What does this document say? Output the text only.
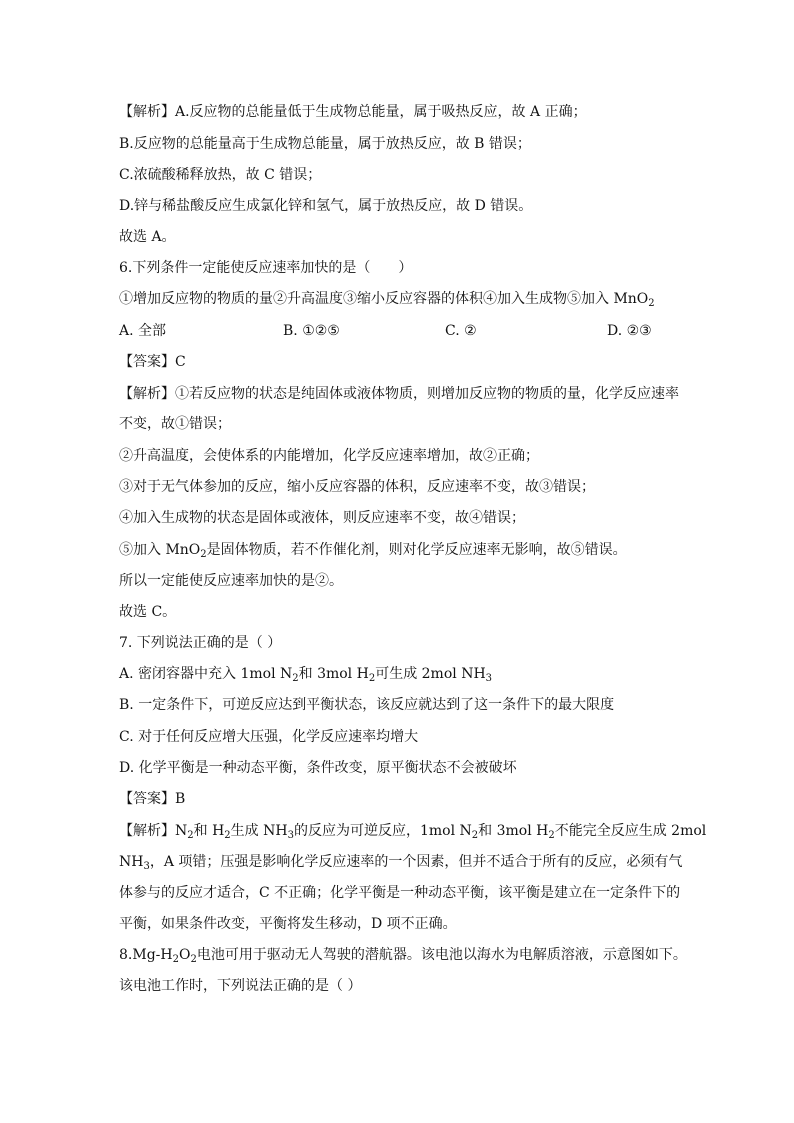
【解析】A.反应物的总能量低于生成物总能量，属于吸热反应，故 A 正确；
B.反应物的总能量高于生成物总能量，属于放热反应，故 B 错误；
C.浓硫酸稀释放热，故 C 错误；
D.锌与稀盐酸反应生成氯化锌和氢气，属于放热反应，故 D 错误。
故选 A。
6.下列条件一定能使反应速率加快的是（　　）
①增加反应物的物质的量②升高温度③缩小反应容器的体积④加入生成物⑤加入 MnO$_2$
A. 全部	B. ①②⑤	C. ②	D. ②③
【答案】C
【解析】①若反应物的状态是纯固体或液体物质，则增加反应物的物质的量，化学反应速率
不变，故①错误；
②升高温度，会使体系的内能增加，化学反应速率增加，故②正确；
③对于无气体参加的反应，缩小反应容器的体积，反应速率不变，故③错误；
④加入生成物的状态是固体或液体，则反应速率不变，故④错误；
⑤加入 MnO$_2$是固体物质，若不作催化剂，则对化学反应速率无影响，故⑤错误。
所以一定能使反应速率加快的是②。
故选 C。
7. 下列说法正确的是（ ）
A. 密闭容器中充入 1mol $N_2$和 3mol $H_2$可生成 2mol $NH_3$
B. 一定条件下，可逆反应达到平衡状态，该反应就达到了这一条件下的最大限度
C. 对于任何反应增大压强，化学反应速率均增大
D. 化学平衡是一种动态平衡，条件改变，原平衡状态不会被破坏
【答案】B
【解析】$N_2$和 $H_2$生成 $NH_3$的反应为可逆反应，1mol $N_2$和 3mol $H_2$不能完全反应生成 2mol
$NH_3$，A 项错；压强是影响化学反应速率的一个因素，但并不适合于所有的反应，必须有气
体参与的反应才适合，C 不正确；化学平衡是一种动态平衡，该平衡是建立在一定条件下的
平衡，如果条件改变，平衡将发生移动，D 项不正确。
$8.Mg-H_2O_2$电池可用于驱动无人驾驶的潜航器。该电池以海水为电解质溶液，示意图如下。
该电池工作时，下列说法正确的是（ ）
